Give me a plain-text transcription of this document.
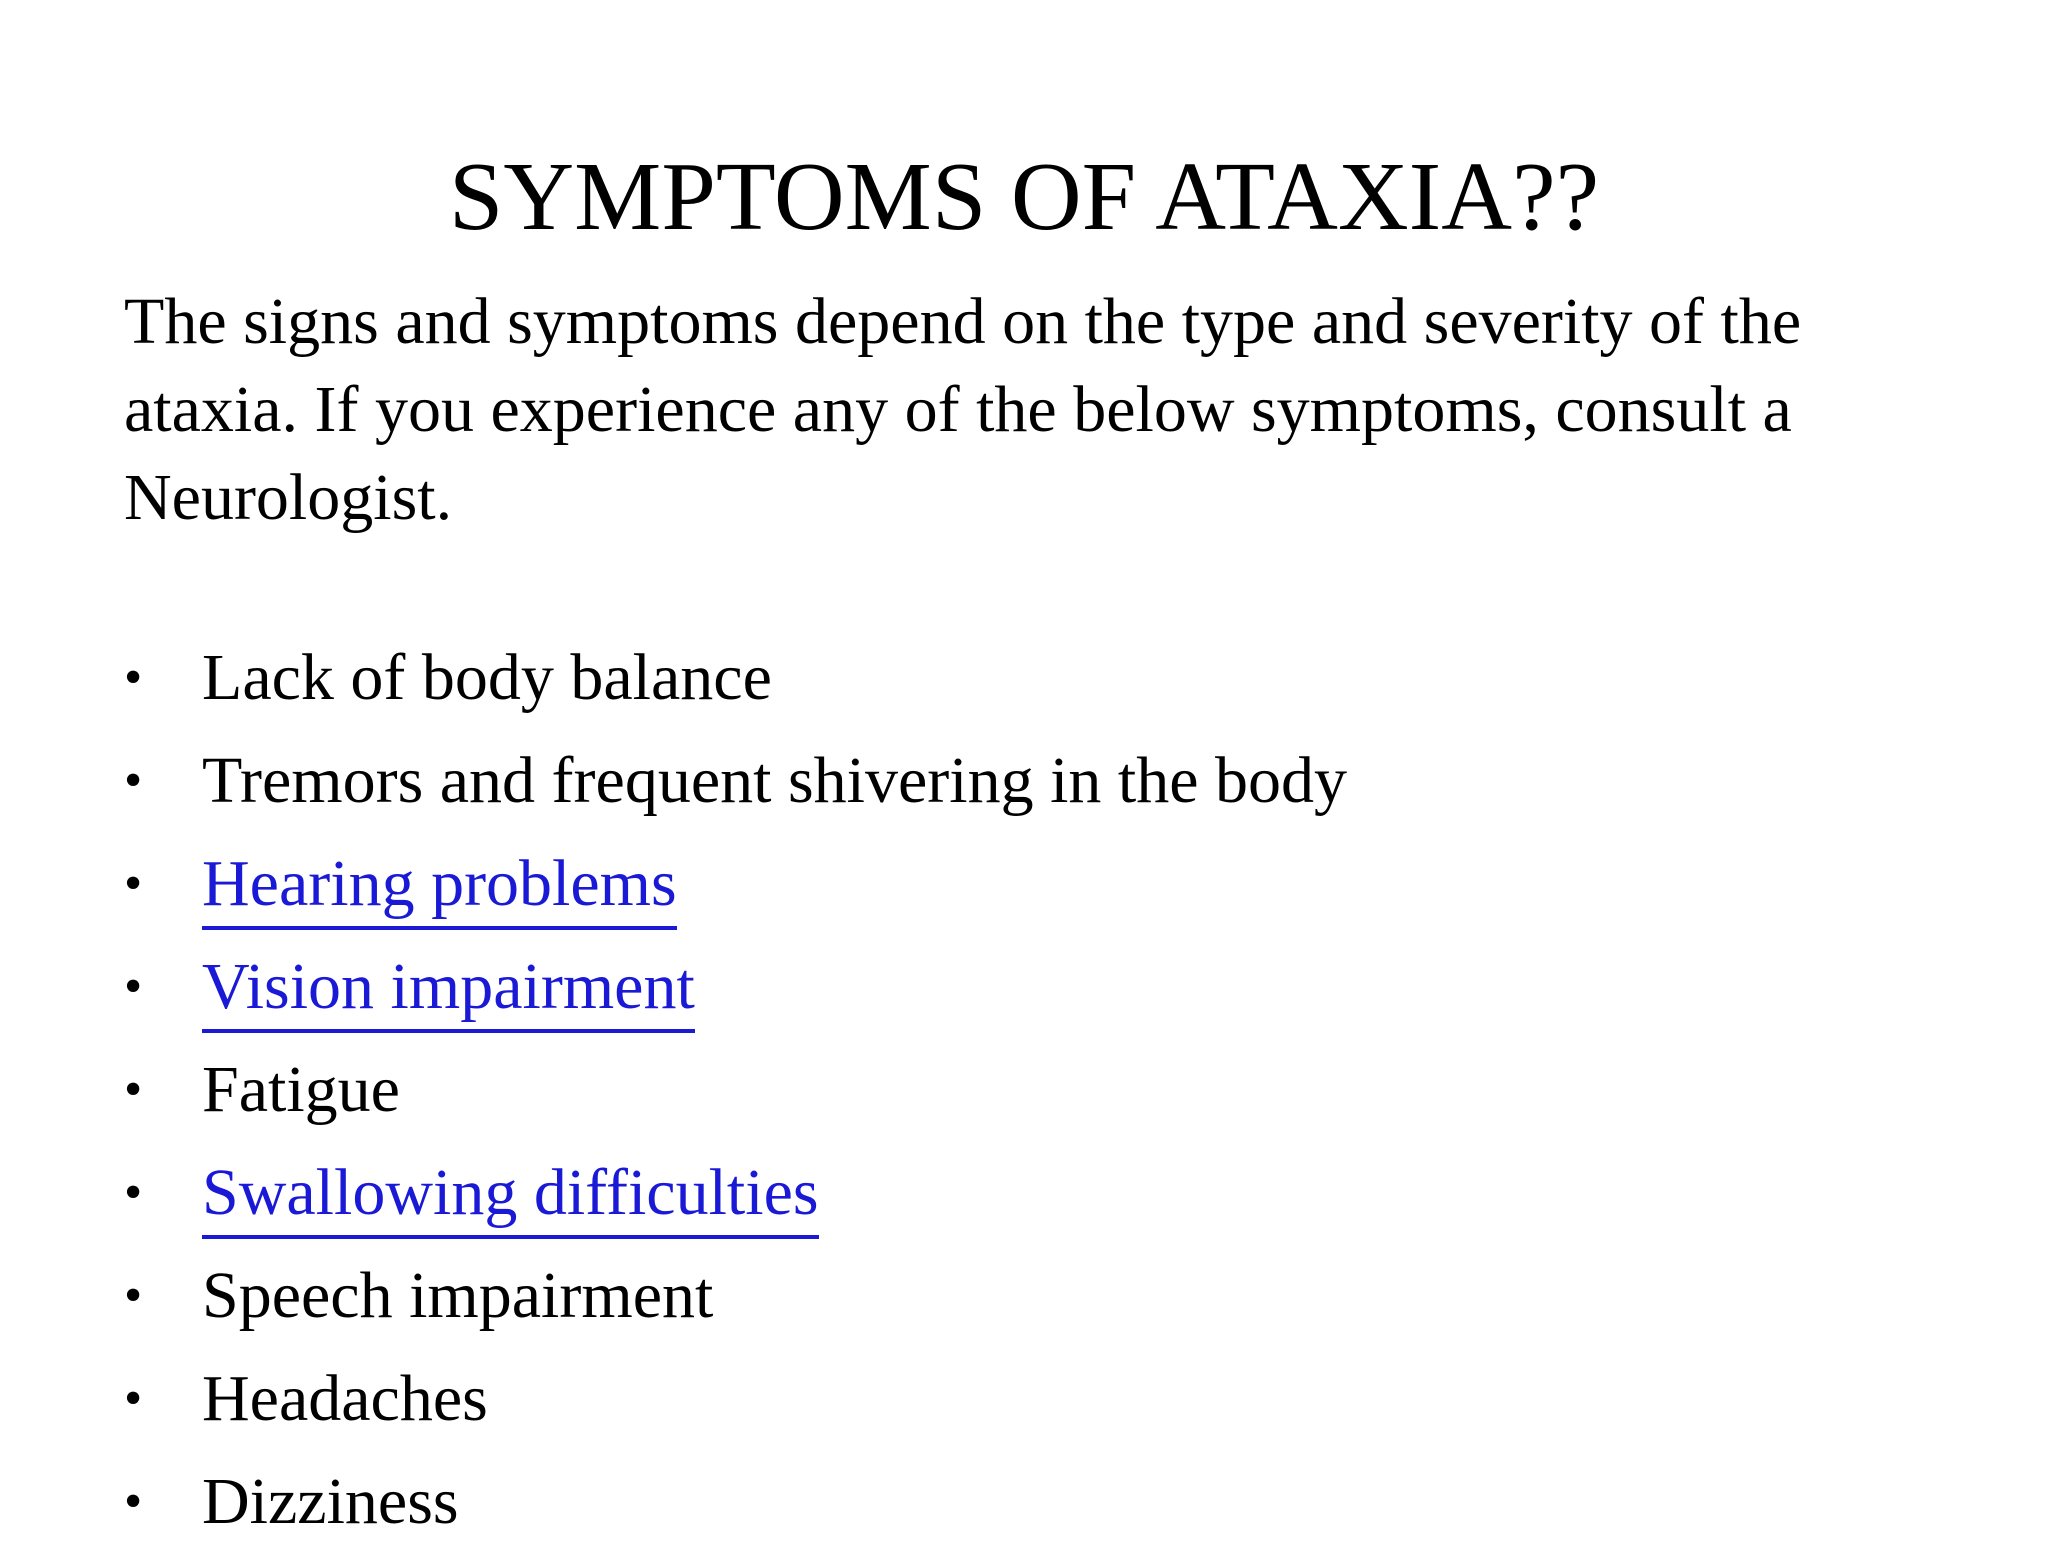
SYMPTOMS OF ATAXIA??

The signs and symptoms depend on the type and severity of the ataxia. If you experience any of the below symptoms, consult a Neurologist.

• Lack of body balance
• Tremors and frequent shivering in the body
• Hearing problems
• Vision impairment
• Fatigue
• Swallowing difficulties
• Speech impairment
• Headaches
• Dizziness
